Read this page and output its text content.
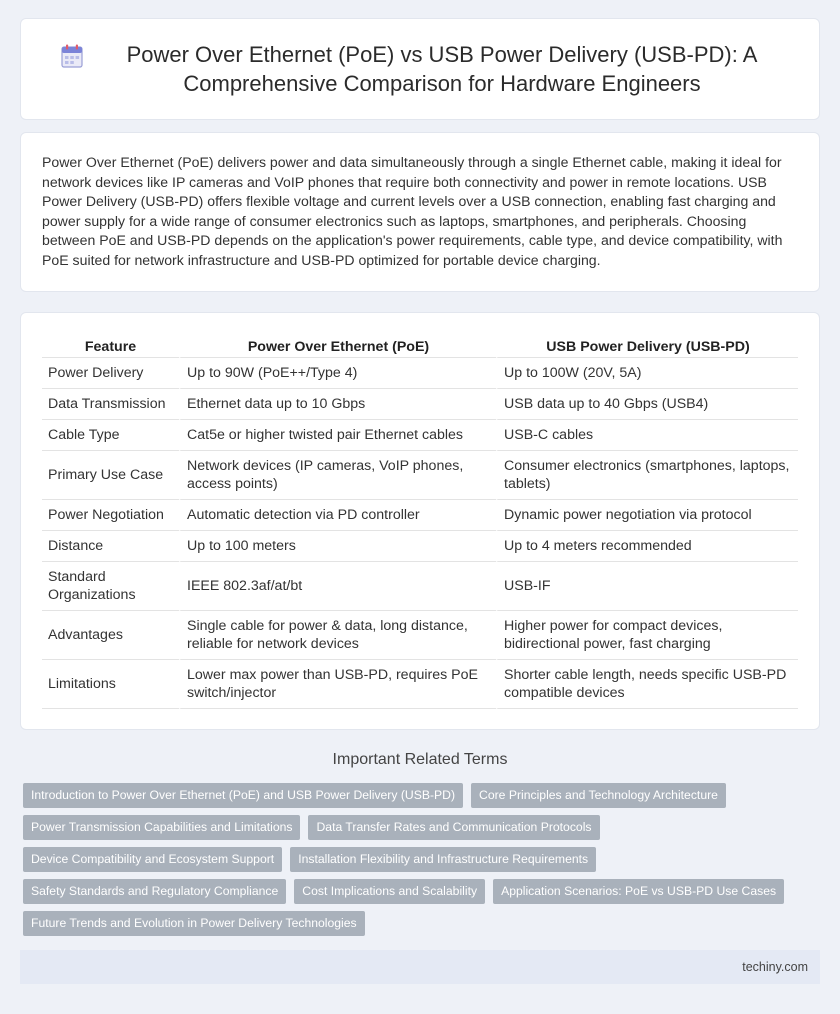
Power Over Ethernet (PoE) vs USB Power Delivery (USB-PD): A Comprehensive Comparison for Hardware Engineers

Power Over Ethernet (PoE) delivers power and data simultaneously through a single Ethernet cable, making it ideal for network devices like IP cameras and VoIP phones that require both connectivity and power in remote locations. USB Power Delivery (USB-PD) offers flexible voltage and current levels over a USB connection, enabling fast charging and power supply for a wide range of consumer electronics such as laptops, smartphones, and peripherals. Choosing between PoE and USB-PD depends on the application's power requirements, cable type, and device compatibility, with PoE suited for network infrastructure and USB-PD optimized for portable device charging.

Feature	Power Over Ethernet (PoE)	USB Power Delivery (USB-PD)
Power Delivery	Up to 90W (PoE++/Type 4)	Up to 100W (20V, 5A)
Data Transmission	Ethernet data up to 10 Gbps	USB data up to 40 Gbps (USB4)
Cable Type	Cat5e or higher twisted pair Ethernet cables	USB-C cables
Primary Use Case	Network devices (IP cameras, VoIP phones, access points)	Consumer electronics (smartphones, laptops, tablets)
Power Negotiation	Automatic detection via PD controller	Dynamic power negotiation via protocol
Distance	Up to 100 meters	Up to 4 meters recommended
Standard Organizations	IEEE 802.3af/at/bt	USB-IF
Advantages	Single cable for power & data, long distance, reliable for network devices	Higher power for compact devices, bidirectional power, fast charging
Limitations	Lower max power than USB-PD, requires PoE switch/injector	Shorter cable length, needs specific USB-PD compatible devices
Important Related Terms
Introduction to Power Over Ethernet (PoE) and USB Power Delivery (USB-PD)	Core Principles and Technology Architecture
Power Transmission Capabilities and Limitations	Data Transfer Rates and Communication Protocols
Device Compatibility and Ecosystem Support	Installation Flexibility and Infrastructure Requirements
Safety Standards and Regulatory Compliance	Cost Implications and Scalability	Application Scenarios: PoE vs USB-PD Use Cases
Future Trends and Evolution in Power Delivery Technologies
techiny.com
